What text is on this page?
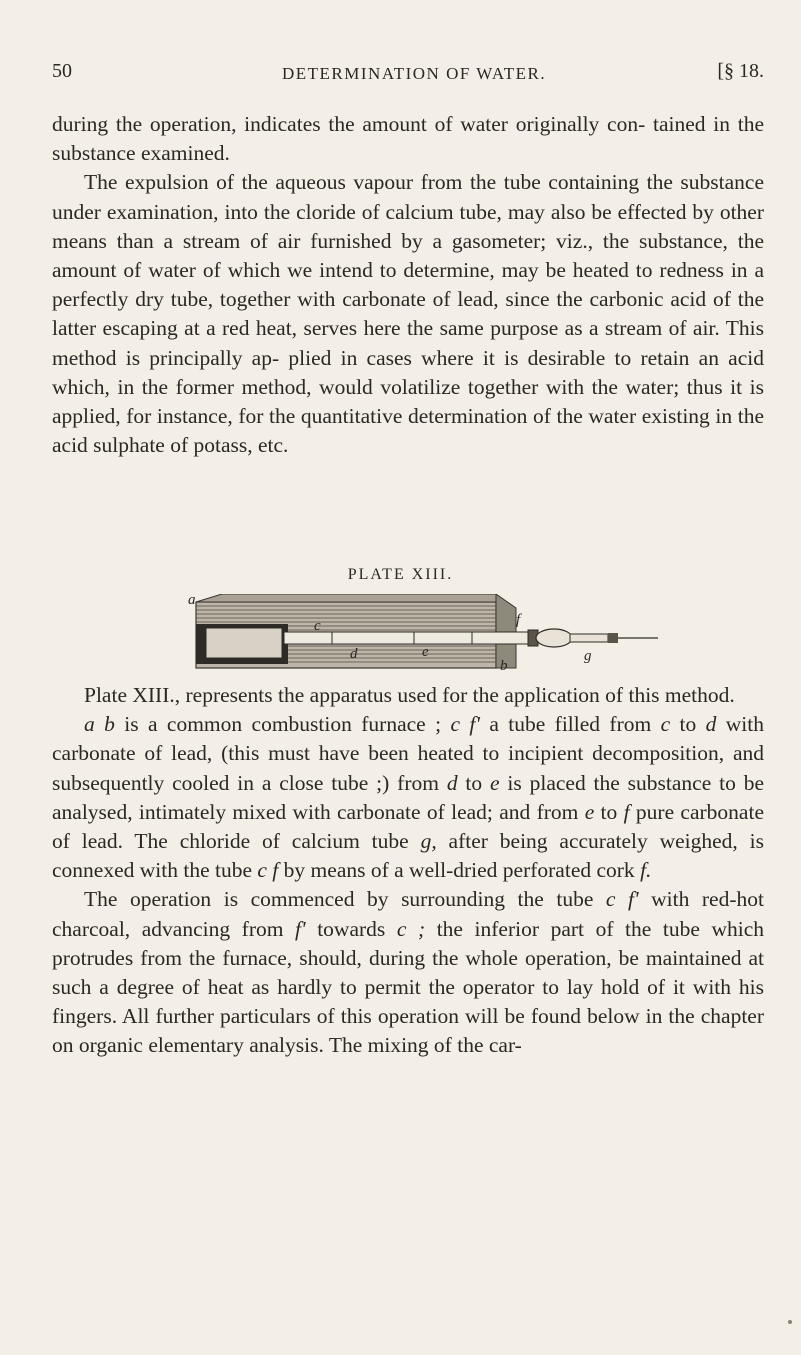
50	DETERMINATION OF WATER.	[§ 18.

during the operation, indicates the amount of water originally con- tained in the substance examined.

The expulsion of the aqueous vapour from the tube containing the substance under examination, into the cloride of calcium tube, may also be effected by other means than a stream of air furnished by a gasometer; viz., the substance, the amount of water of which we intend to determine, may be heated to redness in a perfectly dry tube, together with carbonate of lead, since the carbonic acid of the latter escaping at a red heat, serves here the same purpose as a stream of air. This method is principally ap- plied in cases where it is desirable to retain an acid which, in the former method, would volatilize together with the water; thus it is applied, for instance, for the quantitative determination of the water existing in the acid sulphate of potass, etc.

PLATE XIII.
a
b
c
d	e
f
g

Plate XIII., represents the apparatus used for the application of this method.

a b is a common combustion furnace ; c f' a tube filled from c to d with carbonate of lead, (this must have been heated to incipient decomposition, and subsequently cooled in a close tube ;) from d to e is placed the substance to be analysed, intimately mixed with carbonate of lead; and from e to f pure carbonate of lead. The chloride of calcium tube g, after being accurately weighed, is connexed with the tube c f by means of a well-dried perforated cork f.

The operation is commenced by surrounding the tube c f' with red-hot charcoal, advancing from f' towards c ; the inferior part of the tube which protrudes from the furnace, should, during the whole operation, be maintained at such a degree of heat as hardly to permit the operator to lay hold of it with his fingers. All further particulars of this operation will be found below in the chapter on organic elementary analysis. The mixing of the car-
